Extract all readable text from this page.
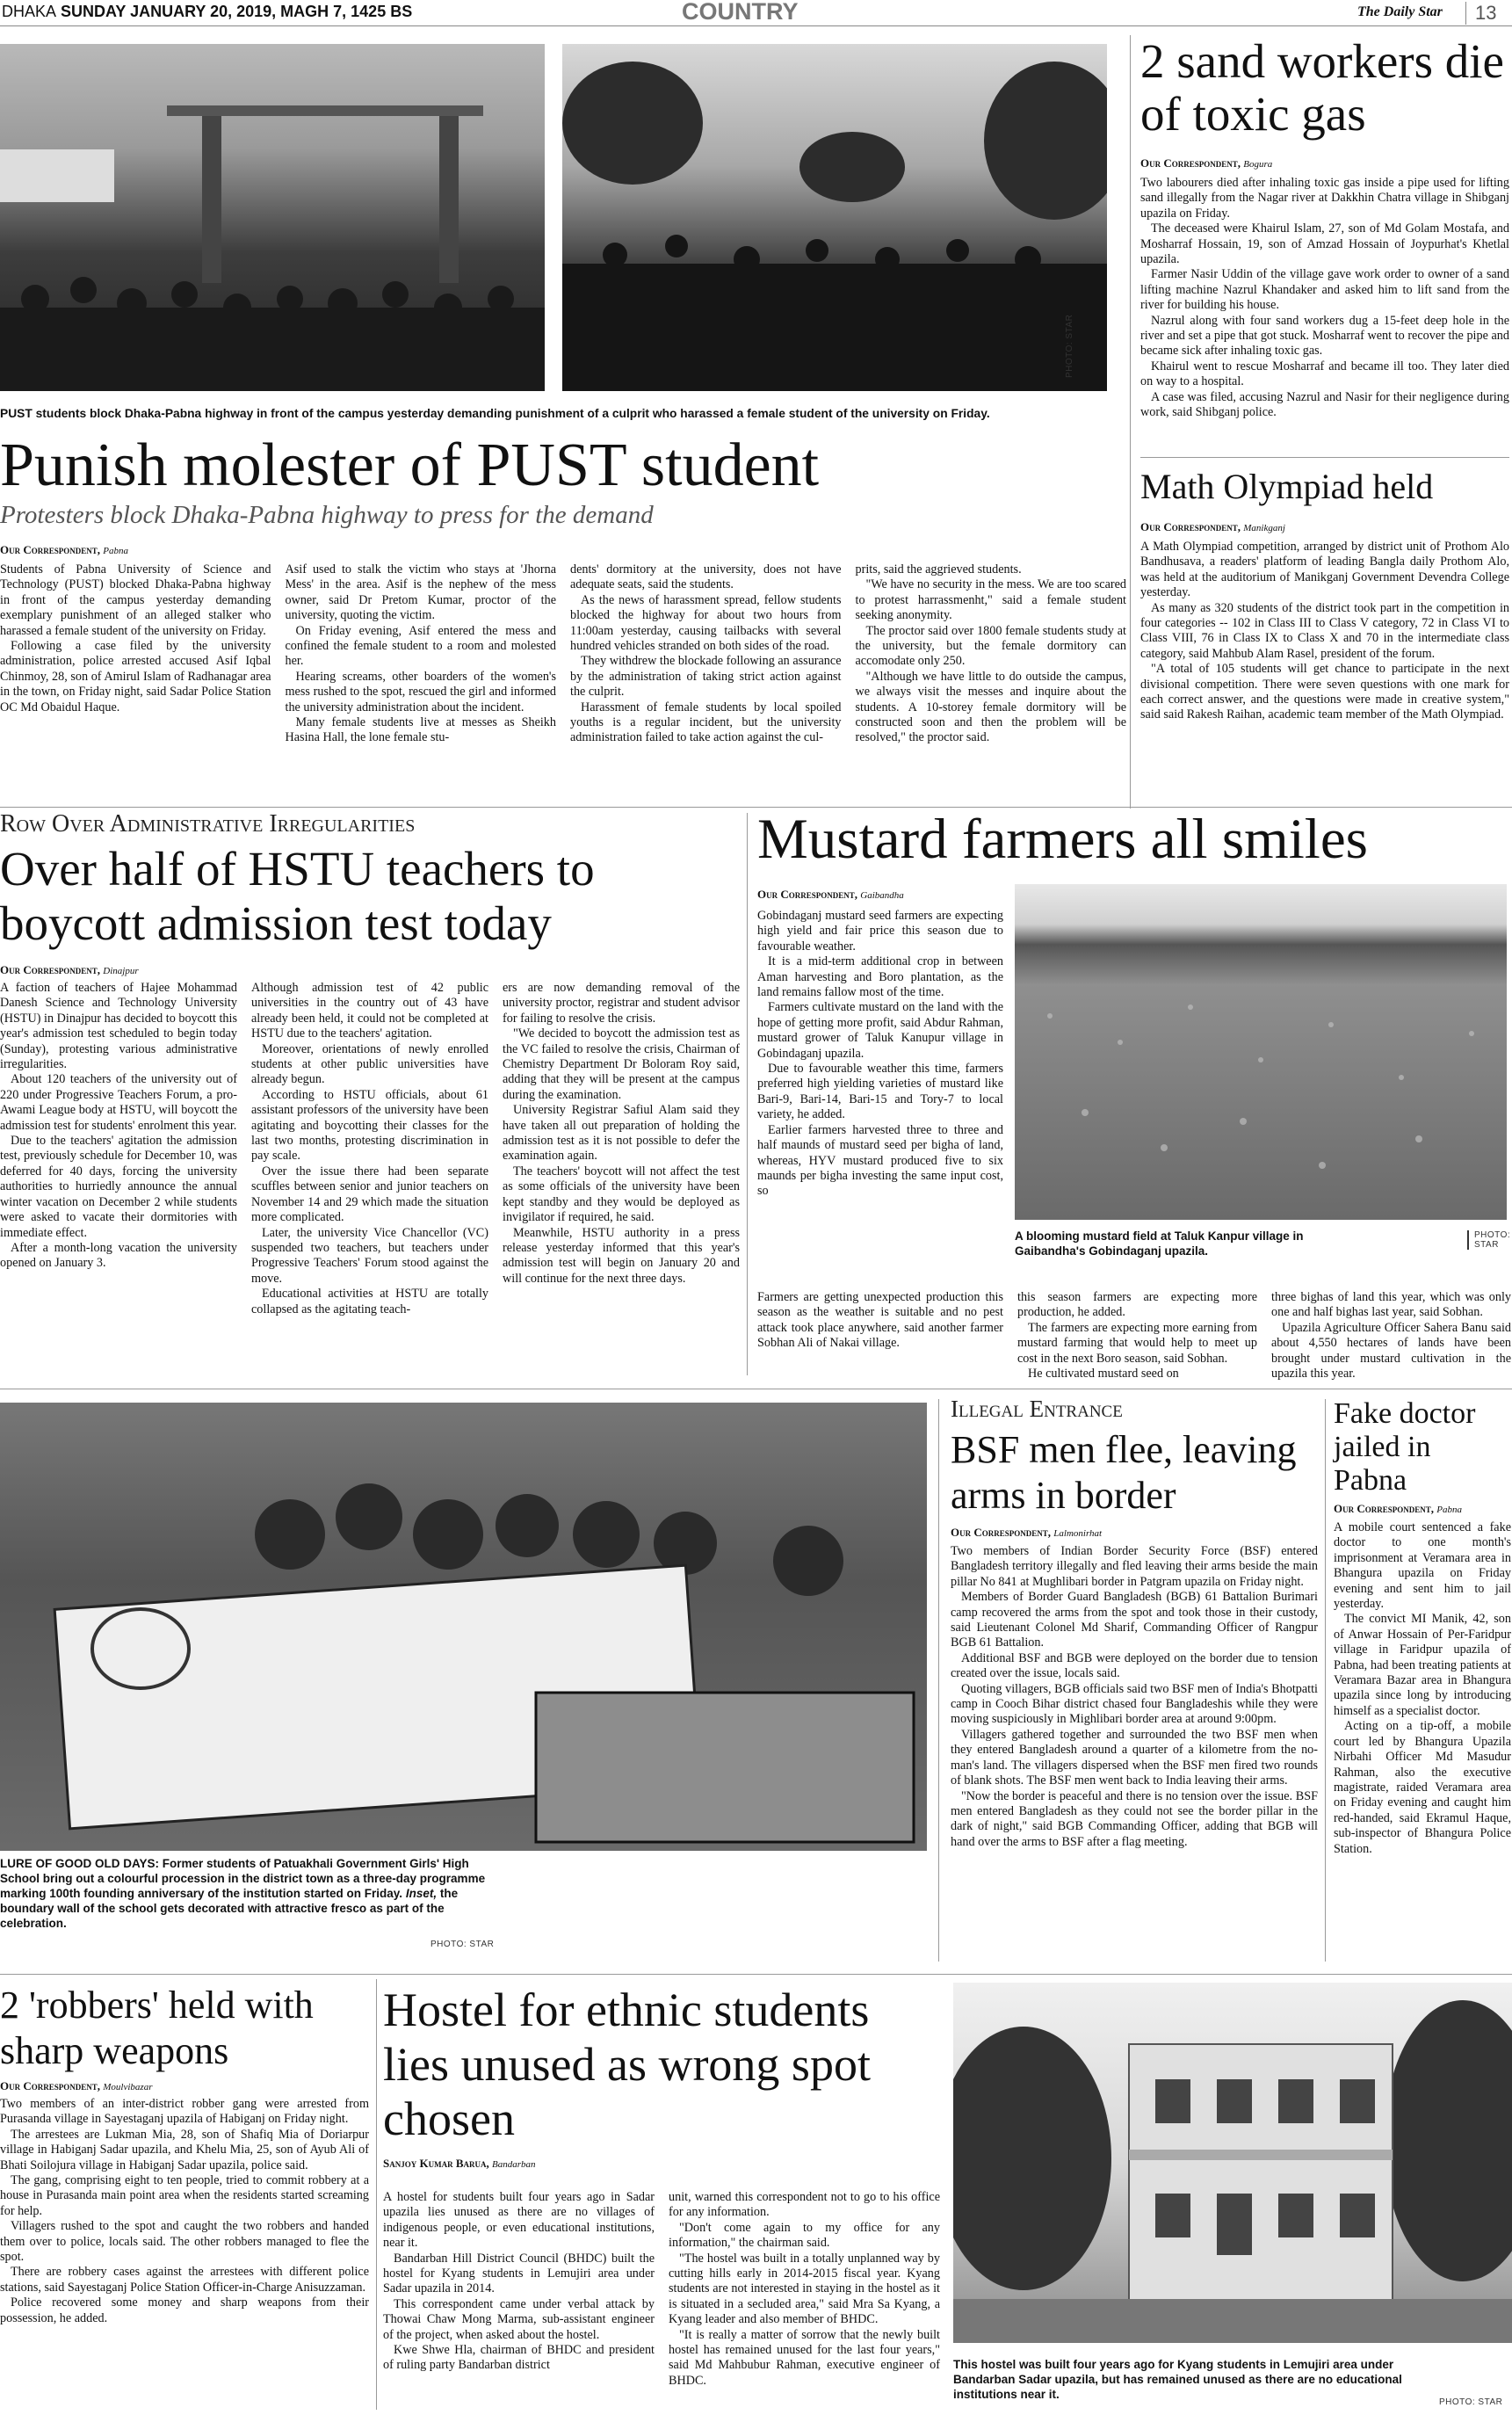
DHAKA SUNDAY JANUARY 20, 2019, MAGH 7, 1425 BS	COUNTRY	The Daily Star	13
PHOTO: STAR
PUST students block Dhaka-Pabna highway in front of the campus yesterday demanding punishment of a culprit who harassed a female student of the university on Friday.
Punish molester of PUST student
Protesters block Dhaka-Pabna highway to press for the demand
Our Correspondent, Pabna

Students of Pabna University of Science and Technology (PUST) blocked Dhaka-Pabna highway in front of the campus yesterday demanding exemplary punishment of an alleged stalker who harassed a female student of the university on Friday.

Following a case filed by the university administration, police arrested accused Asif Iqbal Chinmoy, 28, son of Amirul Islam of Radhanagar area in the town, on Friday night, said Sadar Police Station OC Md Obaidul Haque.

Asif used to stalk the victim who stays at 'Jhorna Mess' in the area. Asif is the nephew of the mess owner, said Dr Pretom Kumar, proctor of the university, quoting the victim.

On Friday evening, Asif entered the mess and confined the female student to a room and molested her.

Hearing screams, other boarders of the women's mess rushed to the spot, rescued the girl and informed the university administration about the incident.

Many female students live at messes as Sheikh Hasina Hall, the lone female stu-

dents' dormitory at the university, does not have adequate seats, said the students.

As the news of harassment spread, fellow students blocked the highway for about two hours from 11:00am yesterday, causing tailbacks with several hundred vehicles stranded on both sides of the road.

They withdrew the blockade following an assurance by the administration of taking strict action against the culprit.

Harassment of female students by local spoiled youths is a regular incident, but the university administration failed to take action against the cul-

prits, said the aggrieved students.

"We have no security in the mess. We are too scared to protest harrassmenht," said a female student seeking anonymity.

The proctor said over 1800 female students study at the university, but the female dormitory can accomodate only 250.

"Although we have little to do outside the campus, we always visit the messes and inquire about the students. A 10-storey female dormitory will be constructed soon and then the problem will be resolved," the proctor said.

2 sand workers die of toxic gas
Our Correspondent, Bogura

Two labourers died after inhaling toxic gas inside a pipe used for lifting sand illegally from the Nagar river at Dakkhin Chatra village in Shibganj upazila on Friday.

The deceased were Khairul Islam, 27, son of Md Golam Mostafa, and Mosharraf Hossain, 19, son of Amzad Hossain of Joypurhat's Khetlal upazila.

Farmer Nasir Uddin of the village gave work order to owner of a sand lifting machine Nazrul Khandaker and asked him to lift sand from the river for building his house.

Nazrul along with four sand workers dug a 15-feet deep hole in the river and set a pipe that got stuck. Mosharraf went to recover the pipe and became sick after inhaling toxic gas.

Khairul went to rescue Mosharraf and became ill too. They later died on way to a hospital.

A case was filed, accusing Nazrul and Nasir for their negligence during work, said Shibganj police.

Math Olympiad held
Our Correspondent, Manikganj

A Math Olympiad competition, arranged by district unit of Prothom Alo Bandhusava, a readers' platform of leading Bangla daily Prothom Alo, was held at the auditorium of Manikganj Government Devendra College yesterday.

As many as 320 students of the district took part in the competition in four categories -- 102 in Class III to Class V category, 72 in Class VI to Class VIII, 76 in Class IX to Class X and 70 in the intermediate class category, said Mahbub Alam Rasel, president of the forum.

"A total of 105 students will get chance to participate in the next divisional competition. There were seven questions with one mark for each correct answer, and the questions were made in creative system," said said Rakesh Raihan, academic team member of the Math Olympiad.

Row Over Administrative Irregularities
Over half of HSTU teachers to boycott admission test today
Our Correspondent, Dinajpur

A faction of teachers of Hajee Mohammad Danesh Science and Technology University (HSTU) in Dinajpur has decided to boycott this year's admission test scheduled to begin today (Sunday), protesting various administrative irregularities.

About 120 teachers of the university out of 220 under Progressive Teachers Forum, a pro-Awami League body at HSTU, will boycott the admission test for students' enrolment this year.

Due to the teachers' agitation the admission test, previously schedule for December 10, was deferred for 40 days, forcing the university authorities to hurriedly announce the annual winter vacation on December 2 while students were asked to vacate their dormitories with immediate effect.

After a month-long vacation the university opened on January 3.

Although admission test of 42 public universities in the country out of 43 have already been held, it could not be completed at HSTU due to the teachers' agitation.

Moreover, orientations of newly enrolled students at other public universities have already begun.

According to HSTU officials, about 61 assistant professors of the university have been agitating and boycotting their classes for the last two months, protesting discrimination in pay scale.

Over the issue there had been separate scuffles between senior and junior teachers on November 14 and 29 which made the situation more complicated.

Later, the university Vice Chancellor (VC) suspended two teachers, but teachers under Progressive Teachers' Forum stood against the move.

Educational activities at HSTU are totally collapsed as the agitating teach-

ers are now demanding removal of the university proctor, registrar and student advisor for failing to resolve the crisis.

"We decided to boycott the admission test as the VC failed to resolve the crisis, Chairman of Chemistry Department Dr Boloram Roy said, adding that they will be present at the campus during the examination.

University Registrar Safiul Alam said they have taken all out preparation of holding the admission test as it is not possible to defer the examination again.

The teachers' boycott will not affect the test as some officials of the university have been kept standby and they would be deployed as invigilator if required, he said.

Meanwhile, HSTU authority in a press release yesterday informed that this year's admission test will begin on January 20 and will continue for the next three days.

Mustard farmers all smiles
Our Correspondent, Gaibandha

Gobindaganj mustard seed farmers are expecting high yield and fair price this season due to favourable weather.

It is a mid-term additional crop in between Aman harvesting and Boro plantation, as the land remains fallow most of the time.

Farmers cultivate mustard on the land with the hope of getting more profit, said Abdur Rahman, mustard grower of Taluk Kanupur village in Gobindaganj upazila.

Due to favourable weather this time, farmers preferred high yielding varieties of mustard like Bari-9, Bari-14, Bari-15 and Tory-7 to local variety, he added.

Earlier farmers harvested three to three and half maunds of mustard seed per bigha of land, whereas, HYV mustard produced five to six maunds per bigha investing the same input cost, so

A blooming mustard field at Taluk Kanpur village in Gaibandha's Gobindaganj upazila.
PHOTO: STAR

Farmers are getting unexpected production this season as the weather is suitable and no pest attack took place anywhere, said another farmer Sobhan Ali of Nakai village.

this season farmers are expecting more production, he added.

The farmers are expecting more earning from mustard farming that would help to meet up cost in the next Boro season, said Sobhan.

He cultivated mustard seed on

three bighas of land this year, which was only one and half bighas last year, said Sobhan.

Upazila Agriculture Officer Sahera Banu said about 4,550 hectares of lands have been brought under mustard cultivation in the upazila this year.

LURE OF GOOD OLD DAYS: Former students of Patuakhali Government Girls' High School bring out a colourful procession in the district town as a three-day programme marking 100th founding anniversary of the institution started on Friday. Inset, the boundary wall of the school gets decorated with attractive fresco as part of the celebration.
PHOTO: STAR
Illegal Entrance
BSF men flee, leaving arms in border
Our Correspondent, Lalmonirhat

Two members of Indian Border Security Force (BSF) entered Bangladesh territory illegally and fled leaving their arms beside the main pillar No 841 at Mughlibari border in Patgram upazila on Friday night.

Members of Border Guard Bangladesh (BGB) 61 Battalion Burimari camp recovered the arms from the spot and took those in their custody, said Lieutenant Colonel Md Sharif, Commanding Officer of Rangpur BGB 61 Battalion.

Additional BSF and BGB were deployed on the border due to tension created over the issue, locals said.

Quoting villagers, BGB officials said two BSF men of India's Bhotpatti camp in Cooch Bihar district chased four Bangladeshis while they were moving suspiciously in Mighlibari border area at around 9:00pm.

Villagers gathered together and surrounded the two BSF men when they entered Bangladesh around a quarter of a kilometre from the no-man's land. The villagers dispersed when the BSF men fired two rounds of blank shots. The BSF men went back to India leaving their arms.

"Now the border is peaceful and there is no tension over the issue. BSF men entered Bangladesh as they could not see the border pillar in the dark of night," said BGB Commanding Officer, adding that BGB will hand over the arms to BSF after a flag meeting.

Fake doctor jailed in Pabna
Our Correspondent, Pabna

A mobile court sentenced a fake doctor to one month's imprisonment at Veramara area in Bhangura upazila on Friday evening and sent him to jail yesterday.

The convict MI Manik, 42, son of Anwar Hossain of Per-Faridpur village in Faridpur upazila of Pabna, had been treating patients at Veramara Bazar area in Bhangura upazila since long by introducing himself as a specialist doctor.

Acting on a tip-off, a mobile court led by Bhangura Upazila Nirbahi Officer Md Masudur Rahman, also the executive magistrate, raided Veramara area on Friday evening and caught him red-handed, said Ekramul Haque, sub-inspector of Bhangura Police Station.

2 'robbers' held with sharp weapons
Our Correspondent, Moulvibazar

Two members of an inter-district robber gang were arrested from Purasanda village in Sayestaganj upazila of Habiganj on Friday night.

The arrestees are Lukman Mia, 28, son of Shafiq Mia of Doriarpur village in Habiganj Sadar upazila, and Khelu Mia, 25, son of Ayub Ali of Bhati Soilojura village in Habiganj Sadar upazila, police said.

The gang, comprising eight to ten people, tried to commit robbery at a house in Purasanda main point area when the residents started screaming for help.

Villagers rushed to the spot and caught the two robbers and handed them over to police, locals said. The other robbers managed to flee the spot.

There are robbery cases against the arrestees with different police stations, said Sayestaganj Police Station Officer-in-Charge Anisuzzaman.

Police recovered some money and sharp weapons from their possession, he added.

Hostel for ethnic students lies unused as wrong spot chosen
Sanjoy Kumar Barua, Bandarban

A hostel for students built four years ago in Sadar upazila lies unused as there are no villages of indigenous people, or even educational institutions, near it.

Bandarban Hill District Council (BHDC) built the hostel for Kyang students in Lemujiri area under Sadar upazila in 2014.

This correspondent came under verbal attack by Thowai Chaw Mong Marma, sub-assistant engineer of the project, when asked about the hostel.

Kwe Shwe Hla, chairman of BHDC and president of ruling party Bandarban district

unit, warned this correspondent not to go to his office for any information.

"Don't come again to my office for any information," the chairman said.

"The hostel was built in a totally unplanned way by cutting hills early in 2014-2015 fiscal year. Kyang students are not interested in staying in the hostel as it is situated in a secluded area," said Mra Sa Kyang, a Kyang leader and also member of BHDC.

"It is really a matter of sorrow that the newly built hostel has remained unused for the last four years," said Md Mahbubur Rahman, executive engineer of BHDC.

This hostel was built four years ago for Kyang students in Lemujiri area under Bandarban Sadar upazila, but has remained unused as there are no educational institutions near it.
PHOTO: STAR
